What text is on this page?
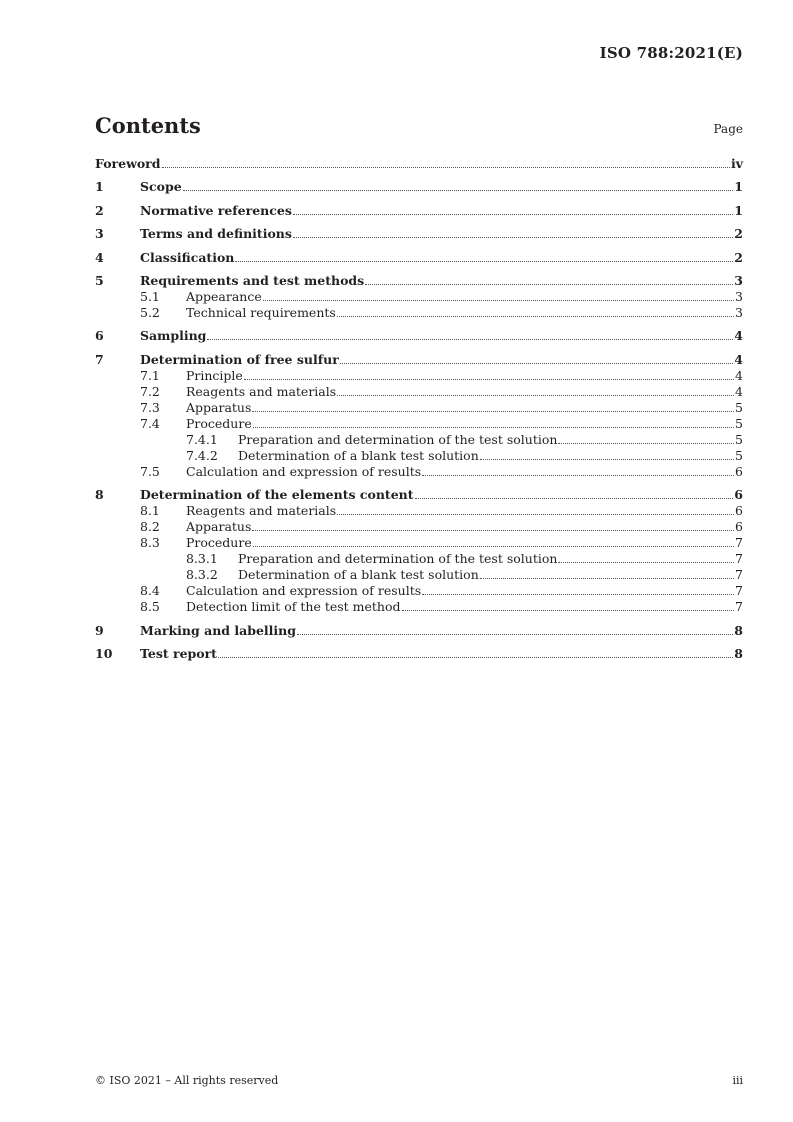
ISO 788:2021(E)
Contents	Page
Foreword	iv
1	Scope	1
2	Normative references	1
3	Terms and definitions	2
4	Classification	2
5	Requirements and test methods	3
5.1	Appearance	3
5.2	Technical requirements	3
6	Sampling	4
7	Determination of free sulfur	4
7.1	Principle	4
7.2	Reagents and materials	4
7.3	Apparatus	5
7.4	Procedure	5
7.4.1	Preparation and determination of the test solution	5
7.4.2	Determination of a blank test solution	5
7.5	Calculation and expression of results	6
8	Determination of the elements content	6
8.1	Reagents and materials	6
8.2	Apparatus	6
8.3	Procedure	7
8.3.1	Preparation and determination of the test solution	7
8.3.2	Determination of a blank test solution	7
8.4	Calculation and expression of results	7
8.5	Detection limit of the test method	7
9	Marking and labelling	8
10	Test report	8
© ISO 2021 – All rights reserved	iii
